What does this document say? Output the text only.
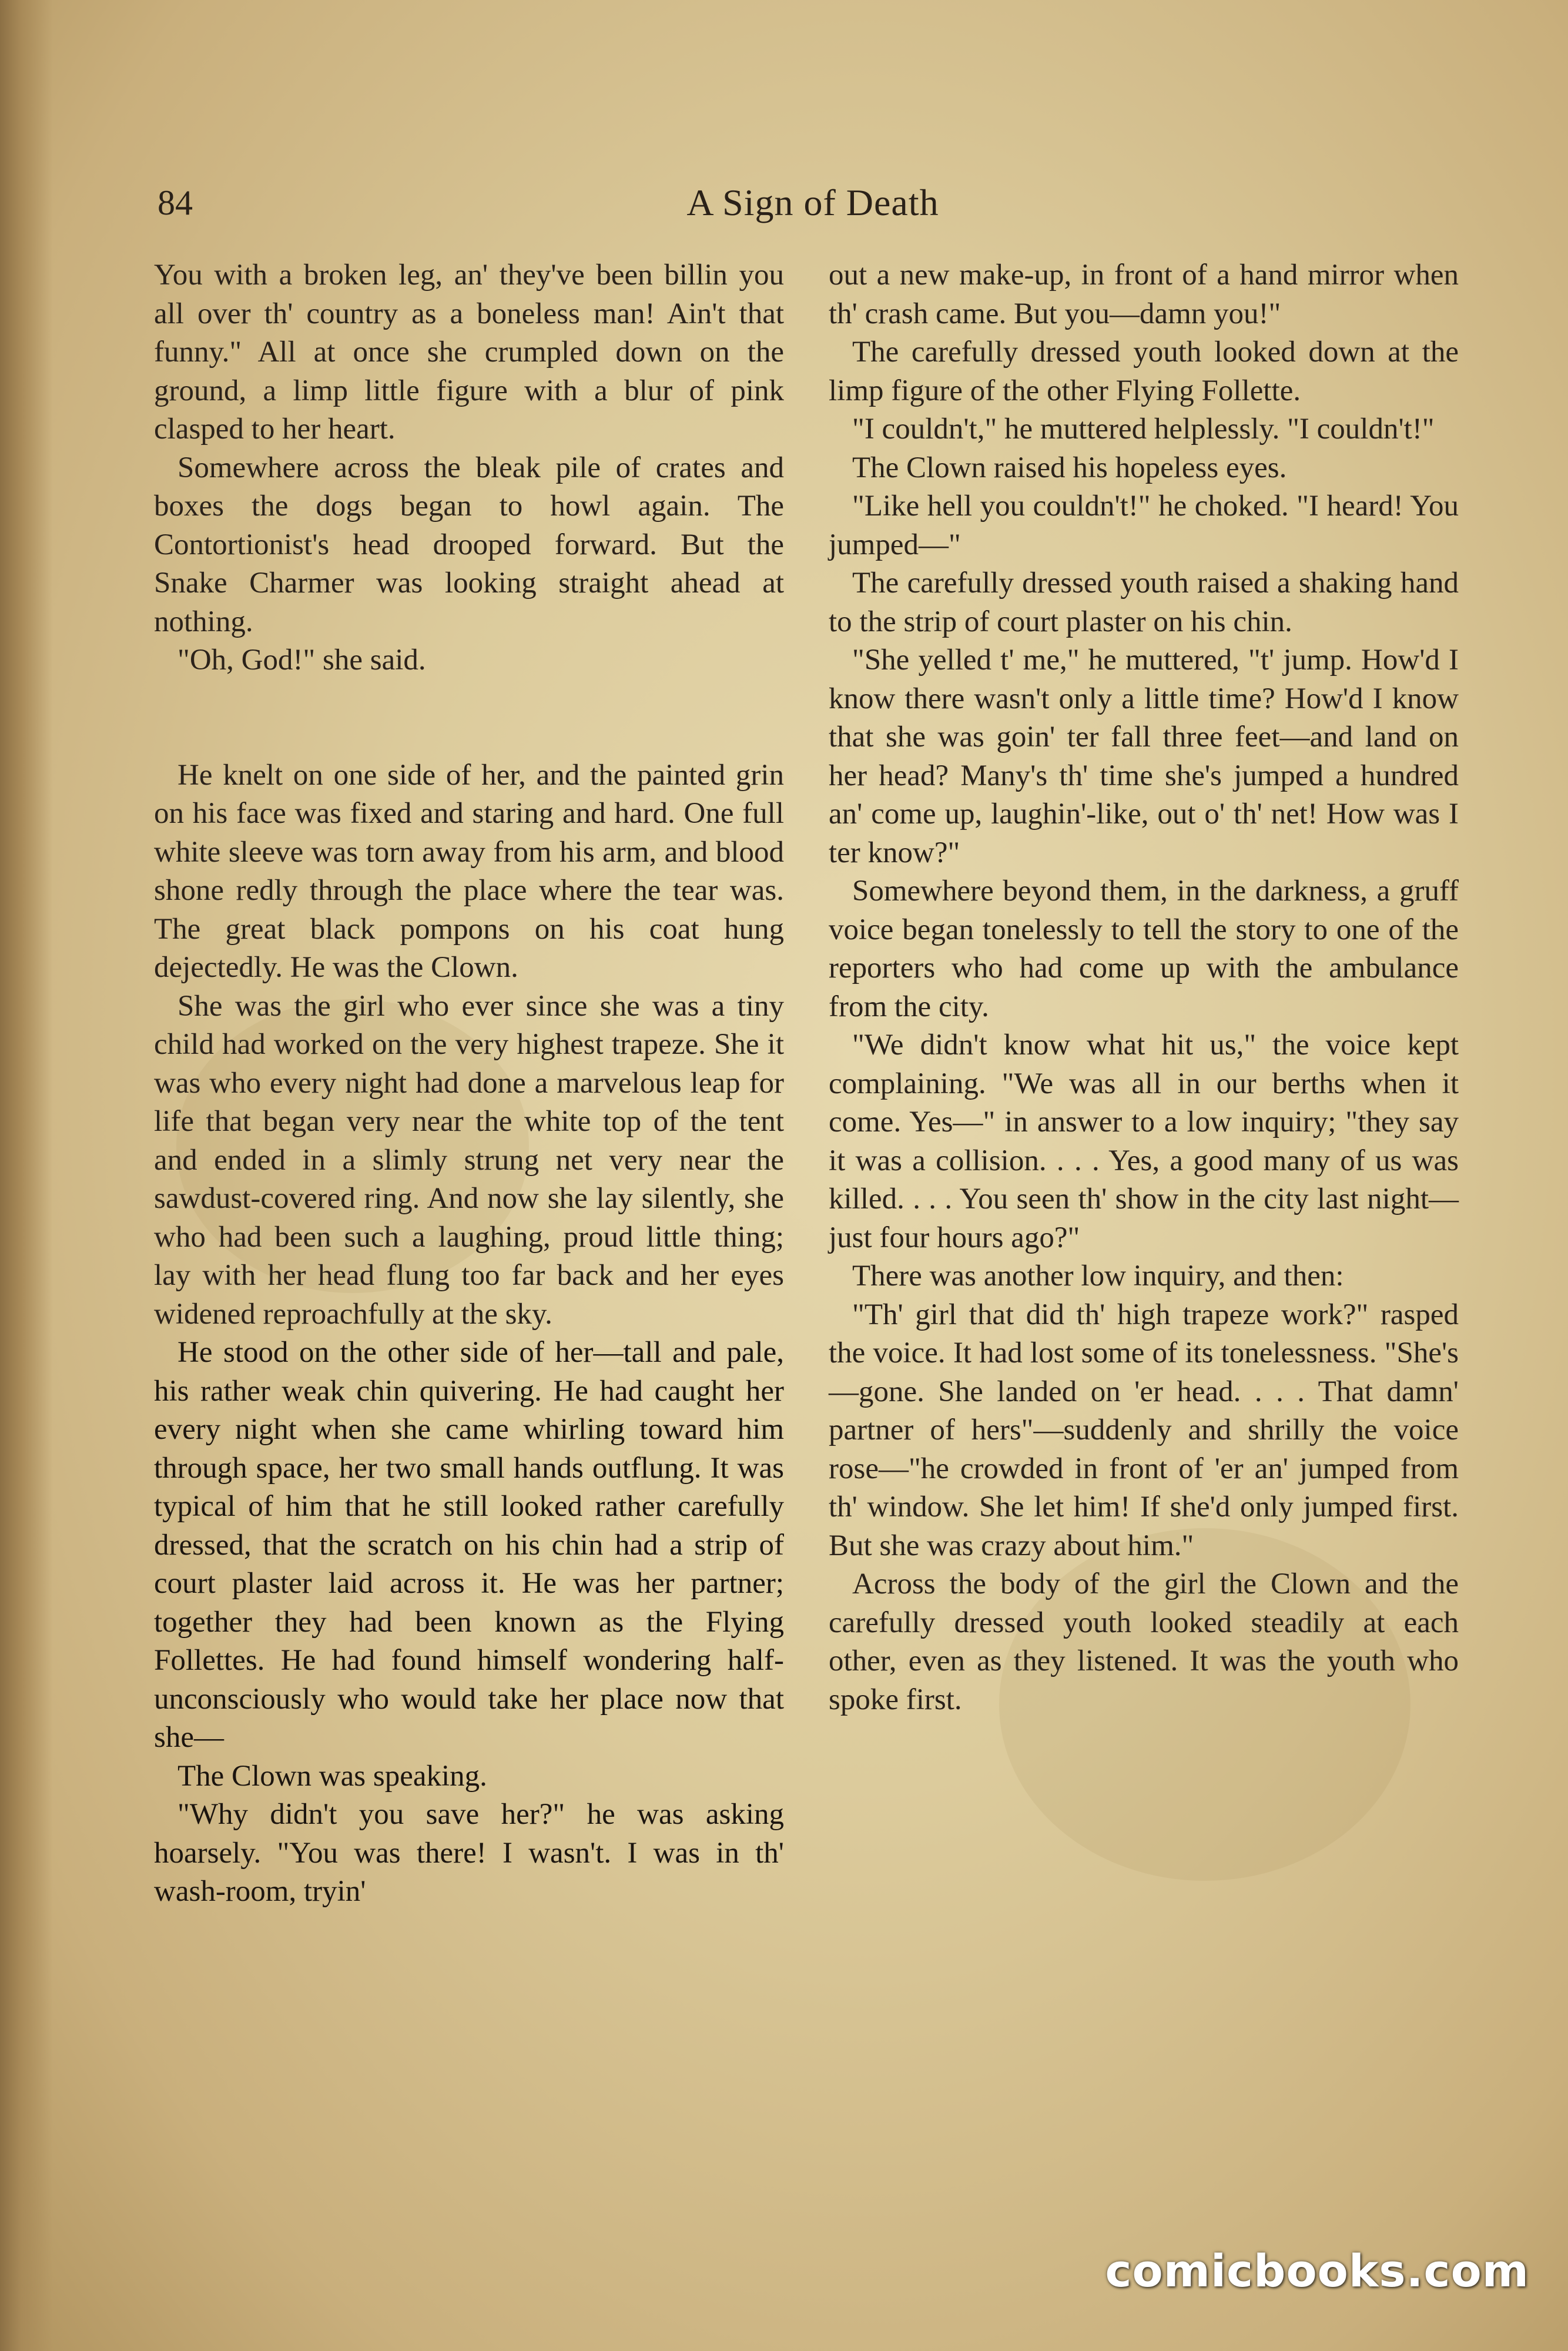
84	A Sign of Death

You with a broken leg, an' they've been billin you all over th' country as a boneless man! Ain't that funny." All at once she crumpled down on the ground, a limp little figure with a blur of pink clasped to her heart.

Somewhere across the bleak pile of crates and boxes the dogs began to howl again. The Contortionist's head drooped forward. But the Snake Charmer was looking straight ahead at nothing.

"Oh, God!" she said.

He knelt on one side of her, and the painted grin on his face was fixed and staring and hard. One full white sleeve was torn away from his arm, and blood shone redly through the place where the tear was. The great black pompons on his coat hung dejectedly. He was the Clown.

She was the girl who ever since she was a tiny child had worked on the very highest trapeze. She it was who every night had done a marvelous leap for life that began very near the white top of the tent and ended in a slimly strung net very near the sawdust-covered ring. And now she lay silently, she who had been such a laughing, proud little thing; lay with her head flung too far back and her eyes widened reproachfully at the sky.

He stood on the other side of her—tall and pale, his rather weak chin quivering. He had caught her every night when she came whirling toward him through space, her two small hands outflung. It was typical of him that he still looked rather carefully dressed, that the scratch on his chin had a strip of court plaster laid across it. He was her partner; together they had been known as the Flying Follettes. He had found himself wondering half-unconsciously who would take her place now that she—

The Clown was speaking.

"Why didn't you save her?" he was asking hoarsely. "You was there! I wasn't. I was in th' wash-room, tryin'

out a new make-up, in front of a hand mirror when th' crash came. But you—damn you!"

The carefully dressed youth looked down at the limp figure of the other Flying Follette.

"I couldn't," he muttered helplessly. "I couldn't!"

The Clown raised his hopeless eyes.

"Like hell you couldn't!" he choked. "I heard! You jumped—"

The carefully dressed youth raised a shaking hand to the strip of court plaster on his chin.

"She yelled t' me," he muttered, "t' jump. How'd I know there wasn't only a little time? How'd I know that she was goin' ter fall three feet—and land on her head? Many's th' time she's jumped a hundred an' come up, laughin'-like, out o' th' net! How was I ter know?"

Somewhere beyond them, in the darkness, a gruff voice began tonelessly to tell the story to one of the reporters who had come up with the ambulance from the city.

"We didn't know what hit us," the voice kept complaining. "We was all in our berths when it come. Yes—" in answer to a low inquiry; "they say it was a collision. . . . Yes, a good many of us was killed. . . . You seen th' show in the city last night—just four hours ago?"

There was another low inquiry, and then:

"Th' girl that did th' high trapeze work?" rasped the voice. It had lost some of its tonelessness. "She's—gone. She landed on 'er head. . . . That damn' partner of hers"—suddenly and shrilly the voice rose—"he crowded in front of 'er an' jumped from th' window. She let him! If she'd only jumped first. But she was crazy about him."

Across the body of the girl the Clown and the carefully dressed youth looked steadily at each other, even as they listened. It was the youth who spoke first.

comicbooks.com
